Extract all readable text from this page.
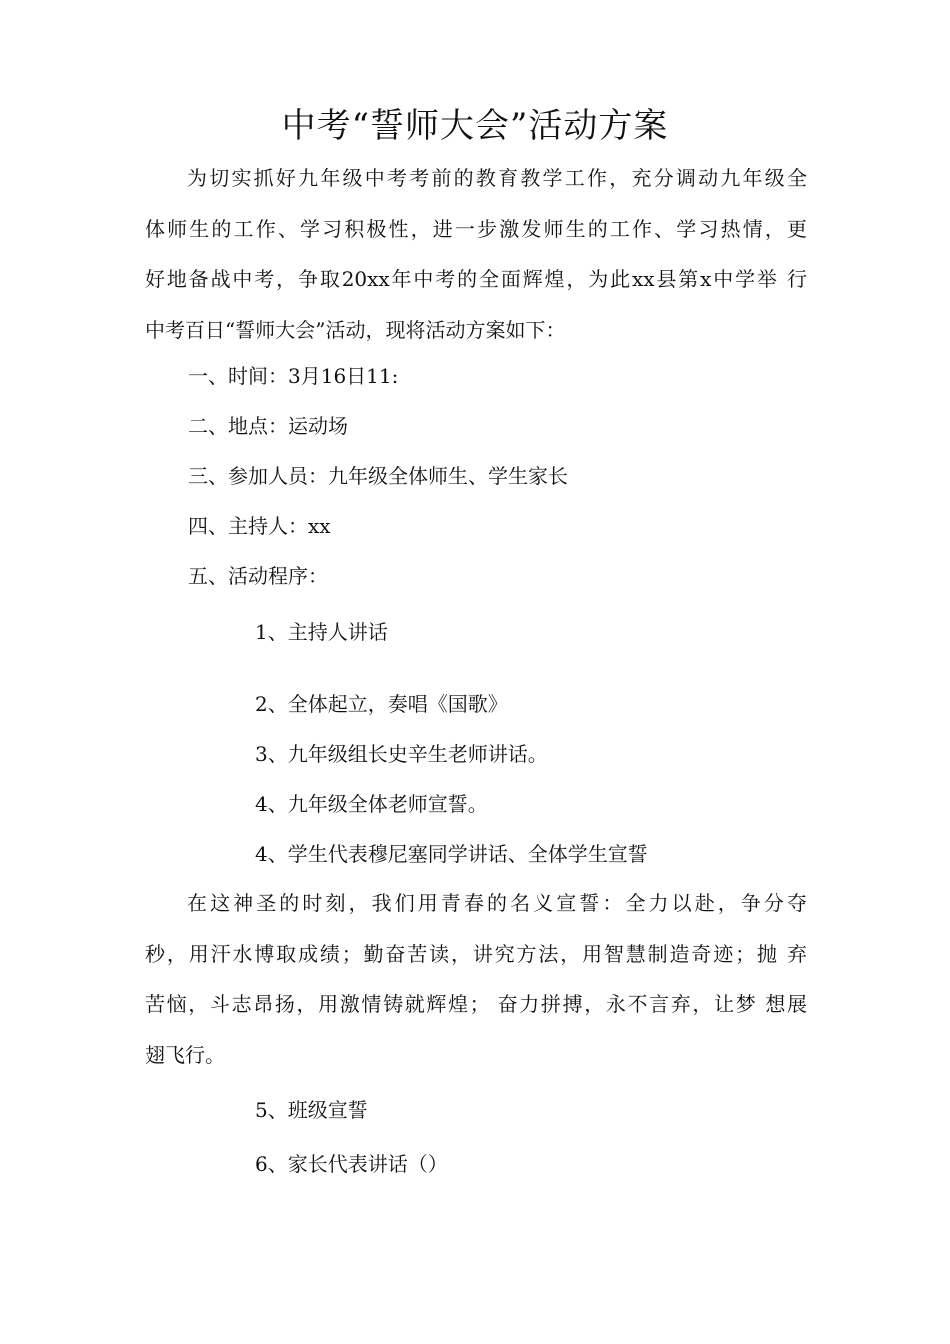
中考“誓师大会”活动方案
为切实抓好九年级中考考前的教育教学工作，充分调动九年级全
体师生的工作、学习积极性，进一步激发师生的工作、学习热情，更
好地备战中考，争取20xx年中考的全面辉煌，为此xx县第x中学举 行
中考百日“誓师大会”活动，现将活动方案如下：
一、时间：3月16日11:
二、地点：运动场
三、参加人员：九年级全体师生、学生家长
四、主持人：xx
五、活动程序：
1、主持人讲话
2、全体起立，奏唱《国歌》
3、九年级组长史辛生老师讲话。
4、九年级全体老师宣誓。
4、学生代表穆尼塞同学讲话、全体学生宣誓
在这神圣的时刻，我们用青春的名义宣誓：全力以赴，争分夺
秒，用汗水博取成绩；勤奋苦读，讲究方法，用智慧制造奇迹；抛 弃
苦恼，斗志昂扬，用激情铸就辉煌； 奋力拼搏，永不言弃，让梦 想展
翅飞行。
5、班级宣誓
6、家长代表讲话（）
